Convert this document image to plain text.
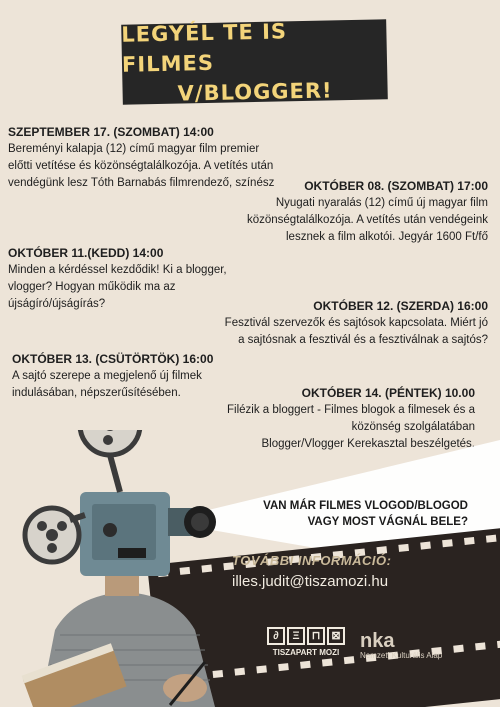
LEGYÉL TE IS FILMES
V/BLOGGER!
SZEPTEMBER 17. (SZOMBAT) 14:00
Bereményi kalapja (12) című magyar film premier
előtti vetítése és közönségtalálkozója. A vetítés után
vendégünk lesz Tóth Barnabás filmrendező, színész	OKTÓBER 08. (SZOMBAT) 17:00
Nyugati nyaralás (12) című új magyar film
közönségtalálkozója. A vetítés után vendégeink
lesznek a film alkotói. Jegyár 1600 Ft/fő
OKTÓBER 11.(KEDD) 14:00
Minden a kérdéssel kezdődik! Ki a blogger,
vlogger? Hogyan működik ma az
újságíró/újságírás?	OKTÓBER 12. (SZERDA) 16:00
Fesztivál szervezők és sajtósok kapcsolata. Miért jó
a sajtósnak a fesztivál és a fesztiválnak a sajtós?
OKTÓBER 13. (CSÜTÖRTÖK) 16:00
A sajtó szerepe a megjelenő új filmek
indulásában, népszerűsítésében.	OKTÓBER 14. (PÉNTEK) 10.00
Filézik a bloggert - Filmes blogok a filmesek és a
közönség szolgálatában
Blogger/Vlogger Kerekasztal beszélgetés.
VAN MÁR FILMES VLOGOD/BLOGOD
VAGY MOST VÁGNÁL BELE?
TOVÁBBI INFORMÁCIÓ:
illes.judit@tiszamozi.hu
∂	Ξ	⊓	⊠
TISZAPART MOZI
nka
Nemzeti Kulturális Alap
